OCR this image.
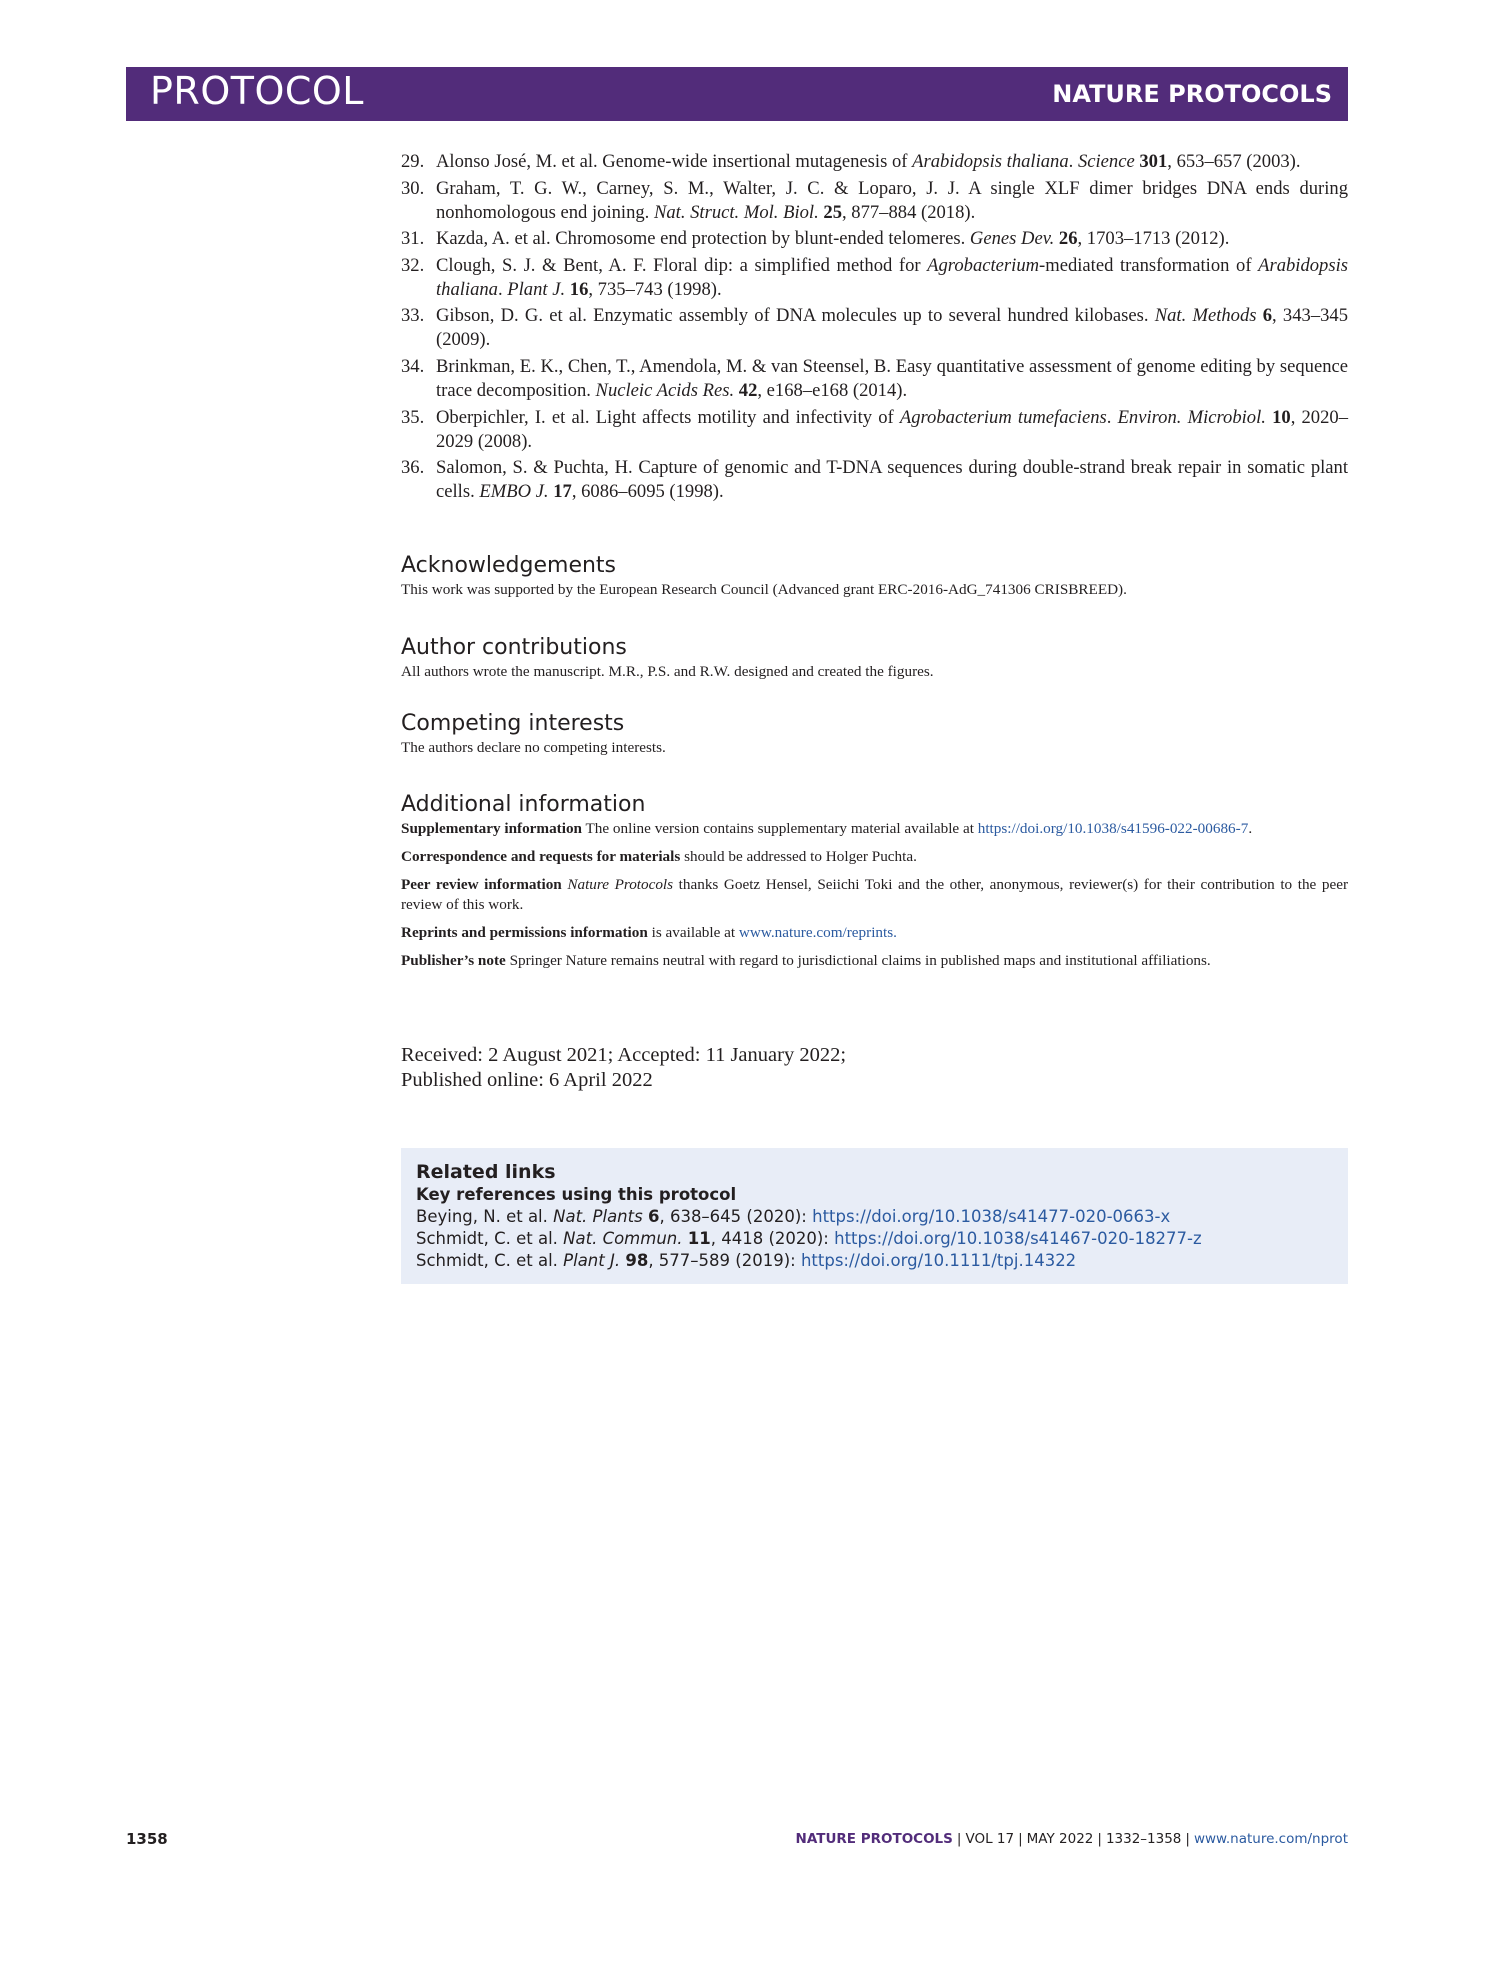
PROTOCOL	NATURE PROTOCOLS
29. Alonso José, M. et al. Genome-wide insertional mutagenesis of Arabidopsis thaliana. Science 301, 653–657 (2003).
30. Graham, T. G. W., Carney, S. M., Walter, J. C. & Loparo, J. J. A single XLF dimer bridges DNA ends during nonhomologous end joining. Nat. Struct. Mol. Biol. 25, 877–884 (2018).
31. Kazda, A. et al. Chromosome end protection by blunt-ended telomeres. Genes Dev. 26, 1703–1713 (2012).
32. Clough, S. J. & Bent, A. F. Floral dip: a simplified method for Agrobacterium-mediated transformation of Arabidopsis thaliana. Plant J. 16, 735–743 (1998).
33. Gibson, D. G. et al. Enzymatic assembly of DNA molecules up to several hundred kilobases. Nat. Methods 6, 343–345 (2009).
34. Brinkman, E. K., Chen, T., Amendola, M. & van Steensel, B. Easy quantitative assessment of genome editing by sequence trace decomposition. Nucleic Acids Res. 42, e168–e168 (2014).
35. Oberpichler, I. et al. Light affects motility and infectivity of Agrobacterium tumefaciens. Environ. Microbiol. 10, 2020–2029 (2008).
36. Salomon, S. & Puchta, H. Capture of genomic and T-DNA sequences during double-strand break repair in somatic plant cells. EMBO J. 17, 6086–6095 (1998).
Acknowledgements

This work was supported by the European Research Council (Advanced grant ERC-2016-AdG_741306 CRISBREED).

Author contributions

All authors wrote the manuscript. M.R., P.S. and R.W. designed and created the figures.

Competing interests

The authors declare no competing interests.

Additional information

Supplementary information The online version contains supplementary material available at https://doi.org/10.1038/s41596-022-00686-7.

Correspondence and requests for materials should be addressed to Holger Puchta.

Peer review information Nature Protocols thanks Goetz Hensel, Seiichi Toki and the other, anonymous, reviewer(s) for their contribution to the peer review of this work.

Reprints and permissions information is available at www.nature.com/reprints.

Publisher’s note Springer Nature remains neutral with regard to jurisdictional claims in published maps and institutional affiliations.

Received: 2 August 2021; Accepted: 11 January 2022;
Published online: 6 April 2022
Related links
Key references using this protocol
Beying, N. et al. Nat. Plants 6, 638–645 (2020): https://doi.org/10.1038/s41477-020-0663-x
Schmidt, C. et al. Nat. Commun. 11, 4418 (2020): https://doi.org/10.1038/s41467-020-18277-z
Schmidt, C. et al. Plant J. 98, 577–589 (2019): https://doi.org/10.1111/tpj.14322
1358	NATURE PROTOCOLS | VOL 17 | MAY 2022 | 1332–1358 | www.nature.com/nprot
